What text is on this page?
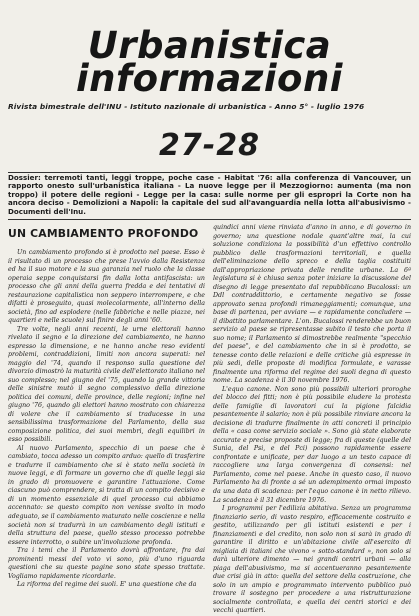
Urbanistica
informazioni
Rivista bimestrale dell'INU - Istituto nazionale di urbanistica - Anno 5° - luglio 1976
27-28
Dossier: terremoti tanti, leggi troppe, poche case - Habitat '76: alla conferenza di Vancouver, un rapporto onesto sull'urbanistica italiana - La nuove legge per il Mezzogiorno: aumenta (ma non troppo) il potere delle regioni - Legge per la casa: sulle norme per gli espropri la Corte non ha ancora deciso - Demolizioni a Napoli: la capitale del sud all'avanguardia nella lotta all'abusivismo - Documenti dell'Inu.
UN CAMBIAMENTO PROFONDO

Un cambiamento profondo si è prodotto nel paese. Esso è il risultato di un processo che prese l'avvio dalla Resistenza ed ha il suo motore e la sua garanzia nel ruolo che la classe operaia seppe conquistarsi fin dalla lotta antifascista: un processo che gli anni della guerra fredda e dei tentativi di restaurazione capitalistica non seppero interrompere, e che difatti è proseguito, quasi molecolarmente, all'interno della società, fino ad esplodere (nelle fabbriche e nelle piazze, nei quartieri e nelle scuole) sul finire degli anni '60.

Tre volte, negli anni recenti, le urne elettorali hanno rivelato il segno e la direzione del cambiamento, ne hanno espresso la dimensione, e ne hanno anche reso evidenti problemi, contraddizioni, limiti non ancora superati: nel maggio del '74, quando il responso sulla questione del divorzio dimostrò la maturità civile dell'elettorato italiano nel suo complesso; nel giugno del '75, quando la grande vittoria delle sinistre mutò il segno complessivo della direzione politica dei comuni, delle province, delle regioni; infine nel giugno '76, quando gli elettori hanno mostrato con chiarezza di volere che il cambiamento si traducesse in una sensibilissima trasformazione del Parlamento, della sua composizione politica, dei suoi membri, degli equilibri in esso possibili.

Al nuovo Parlamento, specchio di un paese che è cambiato, tocca adesso un compito arduo: quello di trasferire e tradurre il cambiamento che si è stato nella società in nuove leggi, e di formare un governo che di quelle leggi sia in grado di promuovere e garantire l'attuazione. Come ciascuno può comprendere, si tratta di un compito decisivo e di un momento essenziale di quel processo cui abbiamo accennato: se questo compito non venisse svolto in modo adeguato, se il cambiamento maturato nelle coscienze e nella società non si tradurrà in un cambiamento degli istituti e della struttura del paese, quello stesso processo potrebbe essere interrotto, o subire un'involuzione profonda.

Tra i temi che il Parlamento dovrà affrontare, fra dai prominenti messi del voto vi sono, più d'uno riguarda questioni che su queste pagine sono state spesso trattate. Vogliamo rapidamente ricordarle.

La riforma del regime dei suoli. E' una questione che da

quindici anni viene rinviata d'anno in anno, e di governo in governo; una questione nodale quant'altre mai, la cui soluzione condiziona la possibilità d'un effettivo controllo pubblico delle trasformazioni territoriali, e quella dell'eliminazione dello spreco e della taglia costituiti dall'appropriazione privata delle rendite urbane. La 6ª legislatura si è chiusa senza poter iniziare la discussione del disegno di legge presentato dal repubblicano Bucalossi: un Ddl contraddittorio, e certamente negativo se fosse approvato senza profondi rimaneggiamenti; comunque, una base di partenza, per avviare — e rapidamente concludere — il dibattito parlamentare. L'on. Bucalossi renderebbe un buon servizio al paese se ripresentasse subito il testo che porta il suo nome; il Parlamento si dimostrebbe realmente "specchio del paese", e del cambiamento che in si è prodotto, se tenesse conto delle relazioni e delle critiche già espresse in più sedi, delle proposte di modifica formulate, e varasse finalmente una riforma del regime dei suoli degna di questo nome. La scadenza è il 30 novembre 1976.

L'equo canone. Non sono più possibili ulteriori proroghe del blocco dei fitti; non è più possibile eludere la protesta delle famiglie di lavoratori cui la pigione falcidia pesantemente il salario; non è più possibile rinviare ancora la decisione di tradurre finalmente in atti concreti il principio della « casa come servizio sociale ». Sono già state elaborate accurate e precise proposte di legge; fra di queste (quelle del Sunia, del Psi, e del Pci) possono rapidamente essere confrontate e unificate, per dar luogo a un testo capace di raccogliere una larga convergenza di consensi: nel Parlamento, come nel paese. Anche in questo caso, il nuovo Parlamento ha di fronte a sé un adempimento ormai imposto da una data di scadenza: per l'equo canone è in netto rilievo. La scadenza è il 31 dicembre 1976.

I programmi per l'edilizia abitativa. Senza un programma finanziario serio, di vasto respiro, efficacemente costruito e gestito, utilizzando per gli istituti esistenti e per i finanziamenti e del credito, non solo non si sarà in grado di garantire il diritto e un'abitazione civile all'esercito di migliaia di italiani che vivono « sotto-standard », non solo si darà ulteriore dimento — nei grandi centri urbani — alla piaga dell'abusivismo, ma si accentueranno pesantemente due crisi già in atto: quella del settore della costruzione, che solo in un ampio e programmato intervento pubblico può trovare il sostegno per procedere a una ristrutturazione socialmente controllata, e quella dei centri storici e dei vecchi quartieri.
